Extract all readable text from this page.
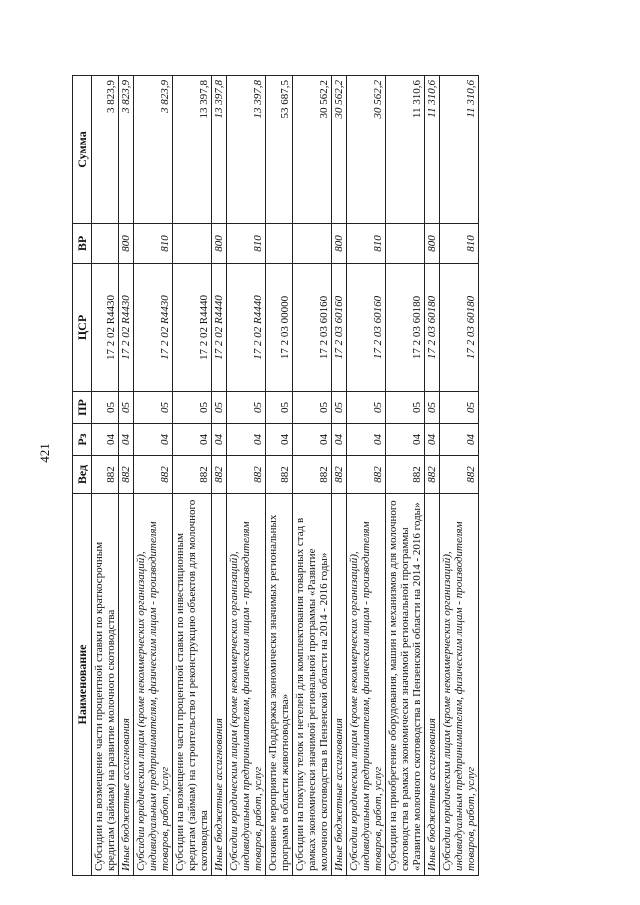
421
Наименование	Вед	Рз	ПР	ЦСР	ВР	Сумма
Субсидии на возмещение части процентной ставки по краткосрочным кредитам (займам) на развитие молочного скотоводства	882	04	05	17 2 02 R4430		3 823,9
Иные бюджетные ассигнования	882	04	05	17 2 02 R4430	800	3 823,9
Субсидии юридическим лицам (кроме некоммерческих организаций), индивидуальным предпринимателям, физическим лицам - производителям товаров, работ, услуг	882	04	05	17 2 02 R4430	810	3 823,9
Субсидии на возмещение части процентной ставки по инвестиционным кредитам (займам) на строительство и реконструкцию объектов для молочного скотоводства	882	04	05	17 2 02 R4440		13 397,8
Иные бюджетные ассигнования	882	04	05	17 2 02 R4440	800	13 397,8
Субсидии юридическим лицам (кроме некоммерческих организаций), индивидуальным предпринимателям, физическим лицам - производителям товаров, работ, услуг	882	04	05	17 2 02 R4440	810	13 397,8
Основное мероприятие «Поддержка экономически значимых региональных программ в области животноводства»	882	04	05	17 2 03 00000		53 687,5
Субсидии на покупку телок и нетелей для комплектования товарных стад в рамках экономически значимой региональной программы «Развитие молочного скотоводства в Пензенской области на 2014 - 2016 годы»	882	04	05	17 2 03 60160		30 562,2
Иные бюджетные ассигнования	882	04	05	17 2 03 60160	800	30 562,2
Субсидии юридическим лицам (кроме некоммерческих организаций), индивидуальным предпринимателям, физическим лицам - производителям товаров, работ, услуг	882	04	05	17 2 03 60160	810	30 562,2
Субсидии на приобретение оборудования, машин и механизмов для молочного скотоводства в рамках экономически значимой региональной программы «Развитие молочного скотоводства в Пензенской области на 2014 - 2016 годы»	882	04	05	17 2 03 60180		11 310,6
Иные бюджетные ассигнования	882	04	05	17 2 03 60180	800	11 310,6
Субсидии юридическим лицам (кроме некоммерческих организаций), индивидуальным предпринимателям, физическим лицам - производителям товаров, работ, услуг	882	04	05	17 2 03 60180	810	11 310,6
